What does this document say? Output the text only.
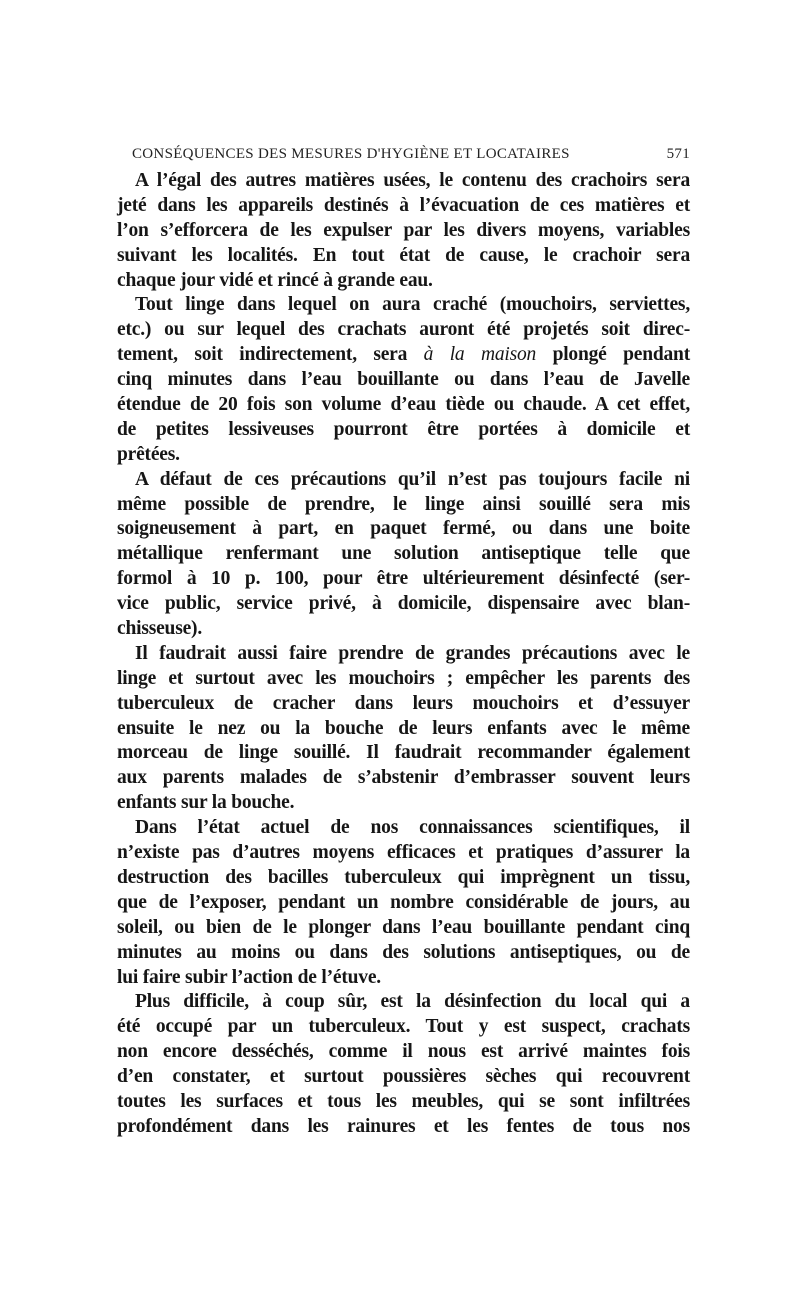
CONSÉQUENCES DES MESURES D'HYGIÈNE ET LOCATAIRES	571
A l’égal des autres matières usées, le contenu des crachoirs sera
jeté dans les appareils destinés à l’évacuation de ces matières et
l’on s’efforcera de les expulser par les divers moyens, variables
suivant les localités. En tout état de cause, le crachoir sera
chaque jour vidé et rincé à grande eau.
Tout linge dans lequel on aura craché (mouchoirs, serviettes,
etc.) ou sur lequel des crachats auront été projetés soit direc-
tement, soit indirectement, sera à la maison plongé pendant
cinq minutes dans l’eau bouillante ou dans l’eau de Javelle
étendue de 20 fois son volume d’eau tiède ou chaude. A cet effet,
de petites lessiveuses pourront être portées à domicile et
prêtées.
A défaut de ces précautions qu’il n’est pas toujours facile ni
même possible de prendre, le linge ainsi souillé sera mis
soigneusement à part, en paquet fermé, ou dans une boite
métallique renfermant une solution antiseptique telle que
formol à 10 p. 100, pour être ultérieurement désinfecté (ser-
vice public, service privé, à domicile, dispensaire avec blan-
chisseuse).
Il faudrait aussi faire prendre de grandes précautions avec le
linge et surtout avec les mouchoirs ; empêcher les parents des
tuberculeux de cracher dans leurs mouchoirs et d’essuyer
ensuite le nez ou la bouche de leurs enfants avec le même
morceau de linge souillé. Il faudrait recommander également
aux parents malades de s’abstenir d’embrasser souvent leurs
enfants sur la bouche.
Dans l’état actuel de nos connaissances scientifiques, il
n’existe pas d’autres moyens efficaces et pratiques d’assurer la
destruction des bacilles tuberculeux qui imprègnent un tissu,
que de l’exposer, pendant un nombre considérable de jours, au
soleil, ou bien de le plonger dans l’eau bouillante pendant cinq
minutes au moins ou dans des solutions antiseptiques, ou de
lui faire subir l’action de l’étuve.
Plus difficile, à coup sûr, est la désinfection du local qui a
été occupé par un tuberculeux. Tout y est suspect, crachats
non encore desséchés, comme il nous est arrivé maintes fois
d’en constater, et surtout poussières sèches qui recouvrent
toutes les surfaces et tous les meubles, qui se sont infiltrées
profondément dans les rainures et les fentes de tous nos
